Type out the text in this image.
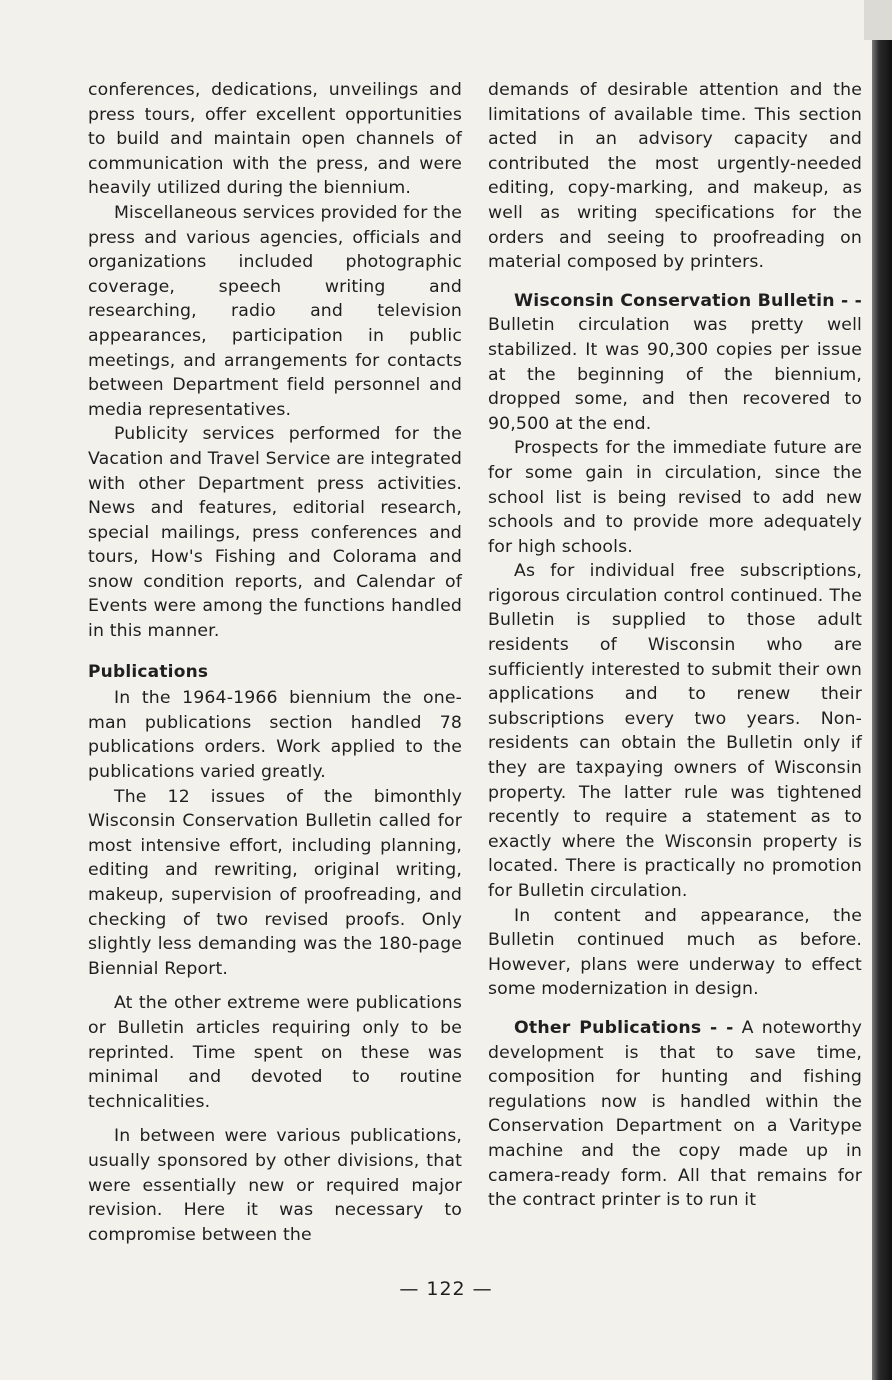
conferences, dedications, unveilings and press tours, offer excellent opportunities to build and maintain open channels of communication with the press, and were heavily utilized during the biennium.

Miscellaneous services provided for the press and various agencies, officials and organizations included photographic coverage, speech writing and researching, radio and television appearances, participation in public meetings, and arrangements for contacts between Department field personnel and media representatives.

Publicity services performed for the Vacation and Travel Service are integrated with other Department press activities. News and features, editorial research, special mailings, press conferences and tours, How's Fishing and Colorama and snow condition reports, and Calendar of Events were among the functions handled in this manner.

Publications

In the 1964-1966 biennium the one-man publications section handled 78 publications orders. Work applied to the publications varied greatly.

The 12 issues of the bimonthly Wisconsin Conservation Bulletin called for most intensive effort, including planning, editing and rewriting, original writing, makeup, supervision of proofreading, and checking of two revised proofs. Only slightly less demanding was the 180-page Biennial Report.

At the other extreme were publications or Bulletin articles requiring only to be reprinted. Time spent on these was minimal and devoted to routine technicalities.

In between were various publications, usually sponsored by other divisions, that were essentially new or required major revision. Here it was necessary to compromise between the

demands of desirable attention and the limitations of available time. This section acted in an advisory capacity and contributed the most urgently-needed editing, copy-marking, and makeup, as well as writing specifications for the orders and seeing to proofreading on material composed by printers.

Wisconsin Conservation Bulletin - - Bulletin circulation was pretty well stabilized. It was 90,300 copies per issue at the beginning of the biennium, dropped some, and then recovered to 90,500 at the end.

Prospects for the immediate future are for some gain in circulation, since the school list is being revised to add new schools and to provide more adequately for high schools.

As for individual free subscriptions, rigorous circulation control continued. The Bulletin is supplied to those adult residents of Wisconsin who are sufficiently interested to submit their own applications and to renew their subscriptions every two years. Non-residents can obtain the Bulletin only if they are taxpaying owners of Wisconsin property. The latter rule was tightened recently to require a statement as to exactly where the Wisconsin property is located. There is practically no promotion for Bulletin circulation.

In content and appearance, the Bulletin continued much as before. However, plans were underway to effect some modernization in design.

Other Publications - - A noteworthy development is that to save time, composition for hunting and fishing regulations now is handled within the Conservation Department on a Varitype machine and the copy made up in camera-ready form. All that remains for the contract printer is to run it

— 122 —
